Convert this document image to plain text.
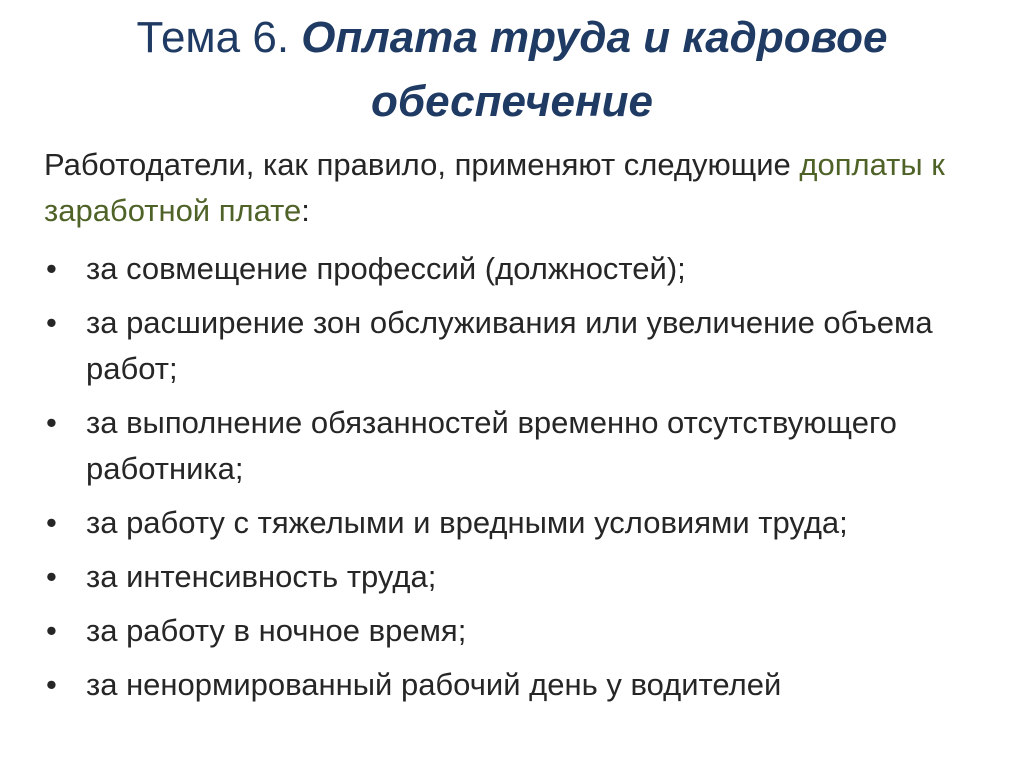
Тема 6. Оплата труда и кадровое обеспечение

Работодатели, как правило, применяют следующие доплаты к заработной плате:

• за совмещение профессий (должностей);
• за расширение зон обслуживания или увеличение объема работ;
• за выполнение обязанностей временно отсутствующего работника;
• за работу с тяжелыми и вредными условиями труда;
• за интенсивность труда;
• за работу в ночное время;
• за ненормированный рабочий день у водителей
